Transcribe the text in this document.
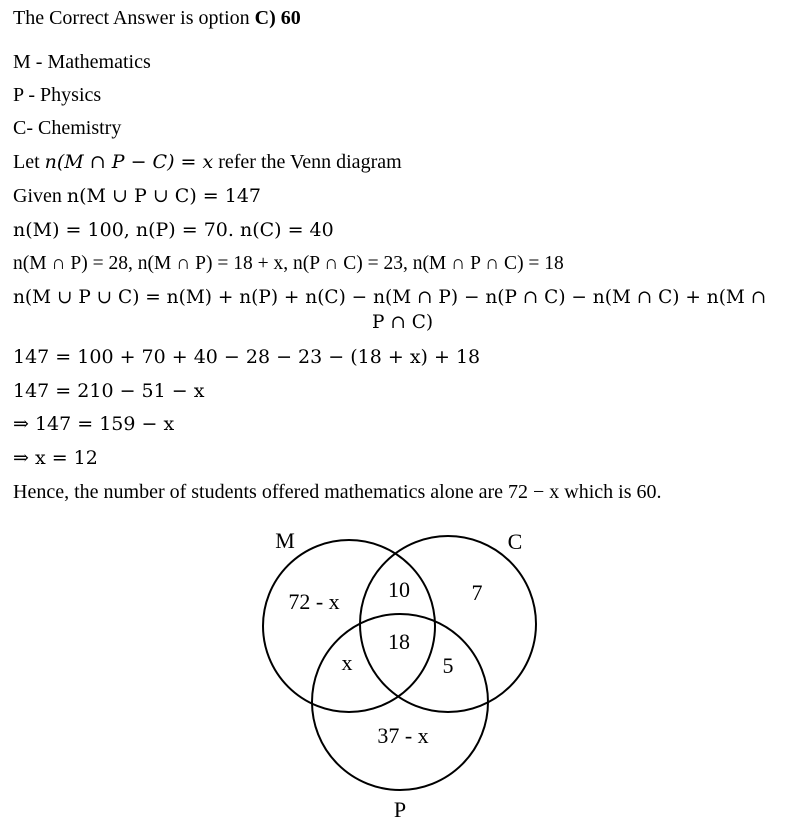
The Correct Answer is option C) 60
M - Mathematics
P - Physics
C- Chemistry
Let n(M ∩ P − C) = x refer the Venn diagram
Given n(M ∪ P ∪ C) = 147
n(M) = 100, n(P) = 70. n(C) = 40
n(M ∩ P) = 28, n(M ∩ P) = 18 + x, n(P ∩ C) = 23, n(M ∩ P ∩ C) = 18
n(M ∪ P ∪ C) = n(M) + n(P) + n(C) − n(M ∩ P) − n(P ∩ C) − n(M ∩ C) + n(M ∩
P ∩ C)
147 = 100 + 70 + 40 − 28 − 23 − (18 + x) + 18
147 = 210 − 51 − x
⇒ 147 = 159 − x
⇒ x = 12
Hence, the number of students offered mathematics alone are 72 − x which is 60.
M	C
P
72 - x 10	7
18
x	5
37 - x
